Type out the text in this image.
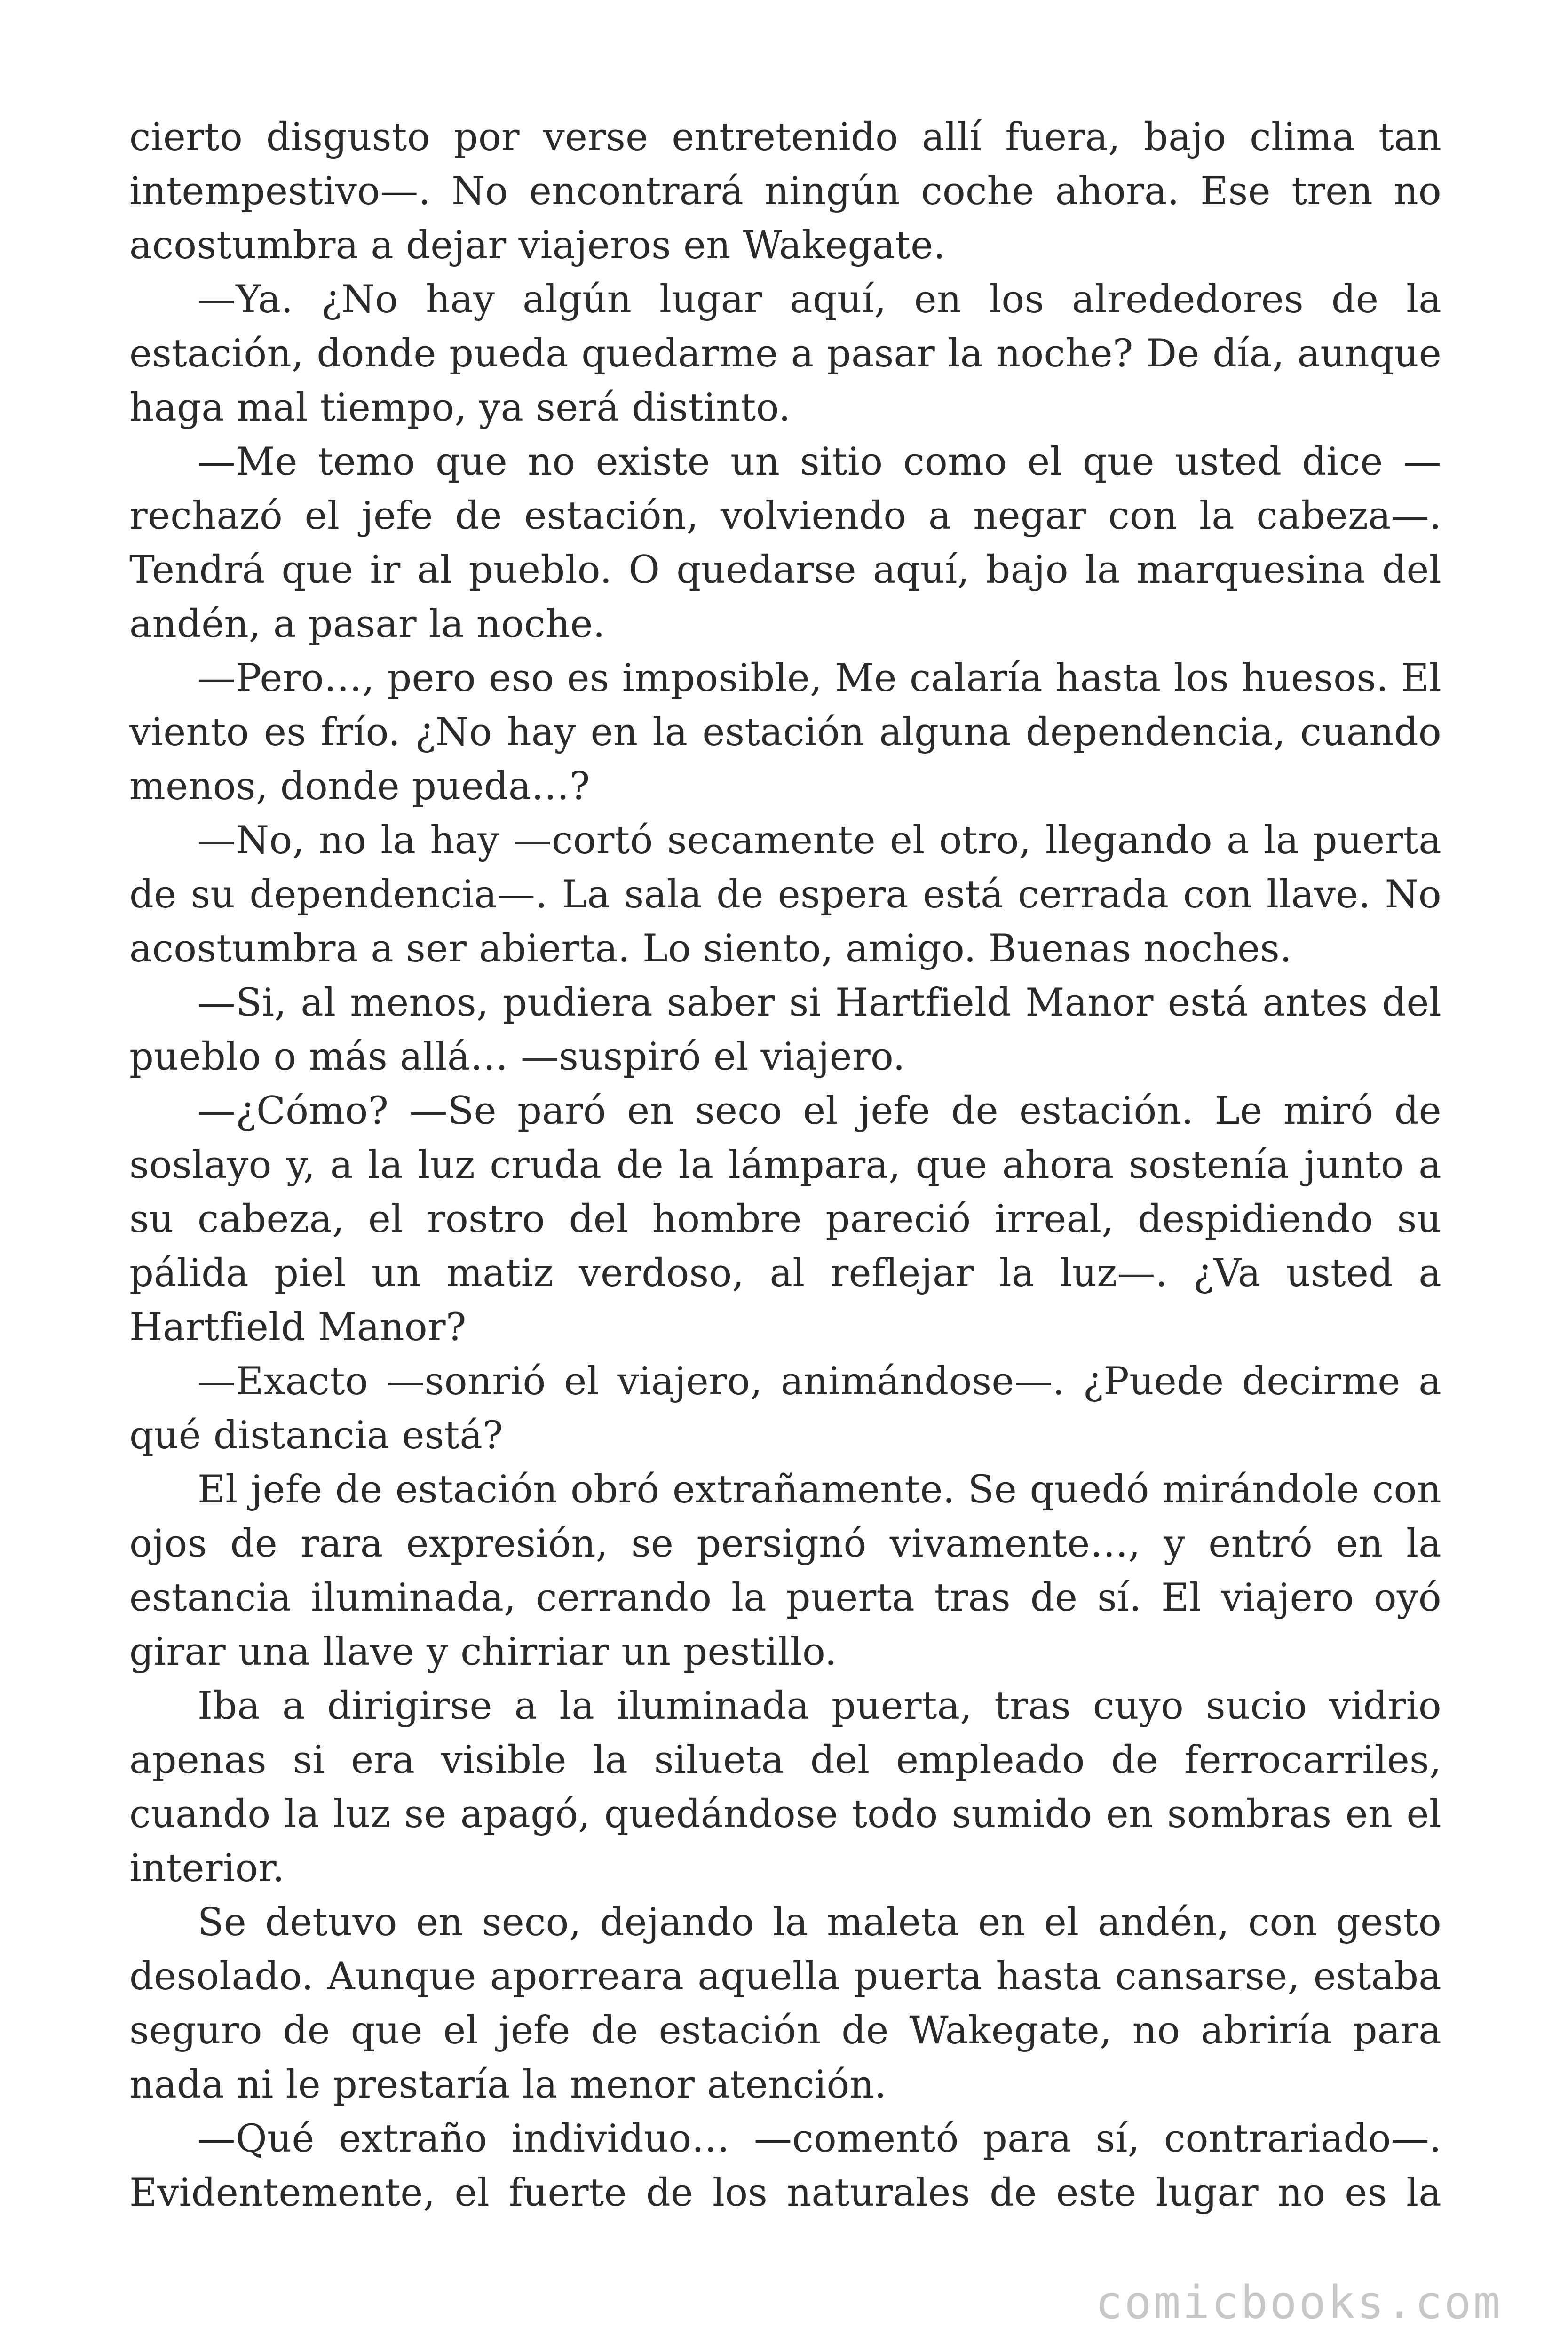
cierto disgusto por verse entretenido allí fuera, bajo clima tan intempestivo—. No encontrará ningún coche ahora. Ese tren no acostumbra a dejar viajeros en Wakegate.

—Ya. ¿No hay algún lugar aquí, en los alrededores de la estación, donde pueda quedarme a pasar la noche? De día, aunque haga mal tiempo, ya será distinto.

—Me temo que no existe un sitio como el que usted dice —rechazó el jefe de estación, volviendo a negar con la cabeza—. Tendrá que ir al pueblo. O quedarse aquí, bajo la marquesina del andén, a pasar la noche.

—Pero…, pero eso es imposible, Me calaría hasta los huesos. El viento es frío. ¿No hay en la estación alguna dependencia, cuando menos, donde pueda…?

—No, no la hay —cortó secamente el otro, llegando a la puerta de su dependencia—. La sala de espera está cerrada con llave. No acostumbra a ser abierta. Lo siento, amigo. Buenas noches.

—Si, al menos, pudiera saber si Hartfield Manor está antes del pueblo o más allá… —suspiró el viajero.

—¿Cómo? —Se paró en seco el jefe de estación. Le miró de soslayo y, a la luz cruda de la lámpara, que ahora sostenía junto a su cabeza, el rostro del hombre pareció irreal, despidiendo su pálida piel un matiz verdoso, al reflejar la luz—. ¿Va usted a Hartfield Manor?

—Exacto —sonrió el viajero, animándose—. ¿Puede decirme a qué distancia está?

El jefe de estación obró extrañamente. Se quedó mirándole con ojos de rara expresión, se persignó vivamente…, y entró en la estancia iluminada, cerrando la puerta tras de sí. El viajero oyó girar una llave y chirriar un pestillo.

Iba a dirigirse a la iluminada puerta, tras cuyo sucio vidrio apenas si era visible la silueta del empleado de ferrocarriles, cuando la luz se apagó, quedándose todo sumido en sombras en el interior.

Se detuvo en seco, dejando la maleta en el andén, con gesto desolado. Aunque aporreara aquella puerta hasta cansarse, estaba seguro de que el jefe de estación de Wakegate, no abriría para nada ni le prestaría la menor atención.

—Qué extraño individuo… —comentó para sí, contrariado—. Evidentemente, el fuerte de los naturales de este lugar no es la

comicbooks.com
